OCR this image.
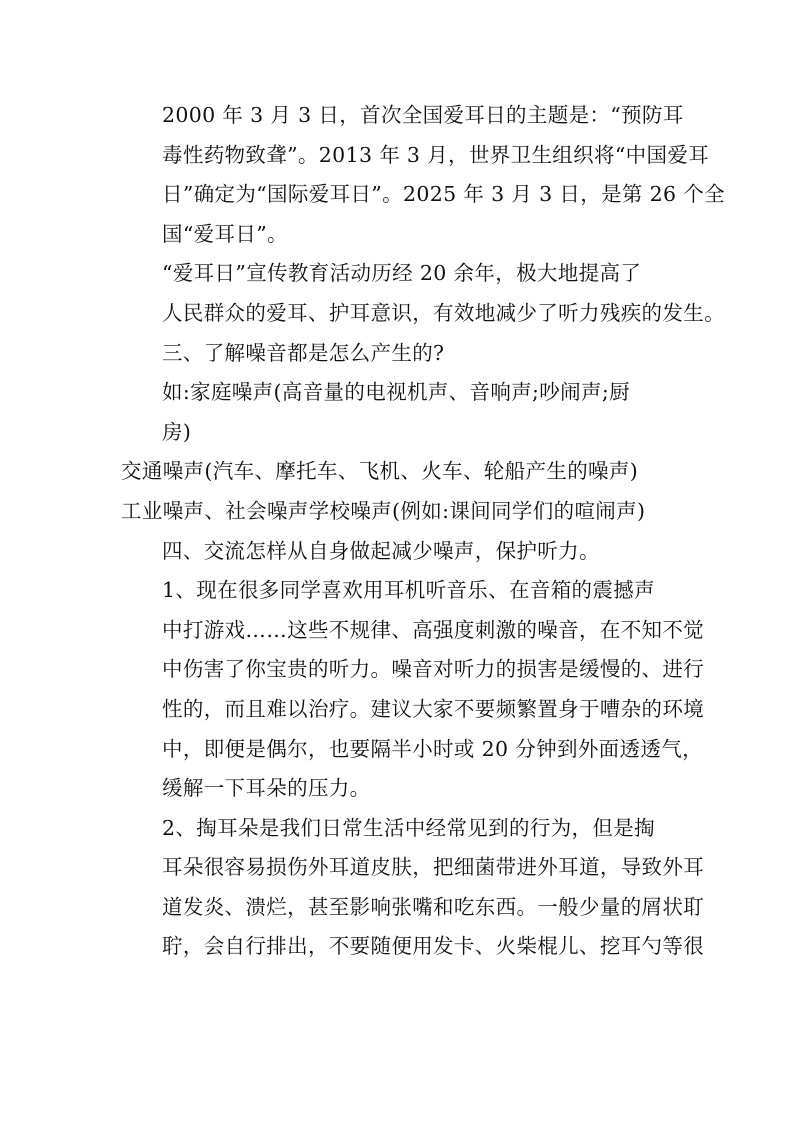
2000 年 3 月 3 日，首次全国爱耳日的主题是：“预防耳
毒性药物致聋”。2013 年 3 月，世界卫生组织将“中国爱耳
日”确定为“国际爱耳日”。2025 年 3 月 3 日，是第 26 个全
国“爱耳日”。

“爱耳日”宣传教育活动历经 20 余年，极大地提高了
人民群众的爱耳、护耳意识，有效地减少了听力残疾的发生。

三、了解噪音都是怎么产生的?

如:家庭噪声(高音量的电视机声、音响声;吵闹声;厨
房)

交通噪声(汽车、摩托车、飞机、火车、轮船产生的噪声)

工业噪声、社会噪声学校噪声(例如:课间同学们的喧闹声)

四、交流怎样从自身做起减少噪声，保护听力。

1、现在很多同学喜欢用耳机听音乐、在音箱的震撼声
中打游戏……这些不规律、高强度刺激的噪音，在不知不觉
中伤害了你宝贵的听力。噪音对听力的损害是缓慢的、进行
性的，而且难以治疗。建议大家不要频繁置身于嘈杂的环境
中，即便是偶尔，也要隔半小时或 20 分钟到外面透透气，
缓解一下耳朵的压力。

2、掏耳朵是我们日常生活中经常见到的行为，但是掏
耳朵很容易损伤外耳道皮肤，把细菌带进外耳道，导致外耳
道发炎、溃烂，甚至影响张嘴和吃东西。一般少量的屑状耵
聍，会自行排出，不要随便用发卡、火柴棍儿、挖耳勺等很
